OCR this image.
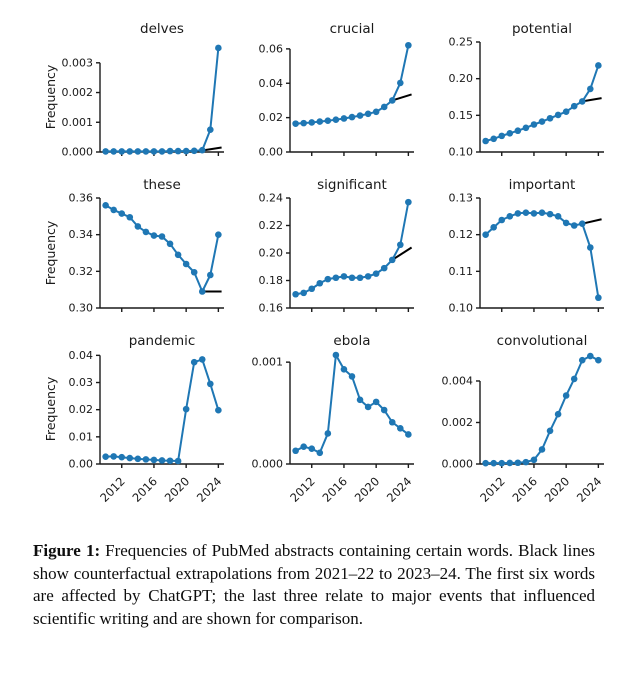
delves
Frequency
0.000
0.001
0.002
0.003
crucial
0.00
0.02
0.04
0.06
potential
0.10
0.15
0.20
0.25
these
Frequency
0.30
0.32
0.34
0.36
significant
0.16
0.18
0.20
0.22
0.24
important
0.10
0.11
0.12
0.13
pandemic
Frequency
0.00
0.01
0.02
0.03
0.04
2012 2016 2020 2024
ebola
0.000
0.001
2012 2016 2020 2024
convolutional
0.000
0.002
0.004
2012 2016 2020 2024

Figure 1: Frequencies of PubMed abstracts containing certain words. Black lines show counterfactual extrapolations from 2021–22 to 2023–24. The first six words are affected by ChatGPT; the last three relate to major events that influenced scientific writing and are shown for comparison.
